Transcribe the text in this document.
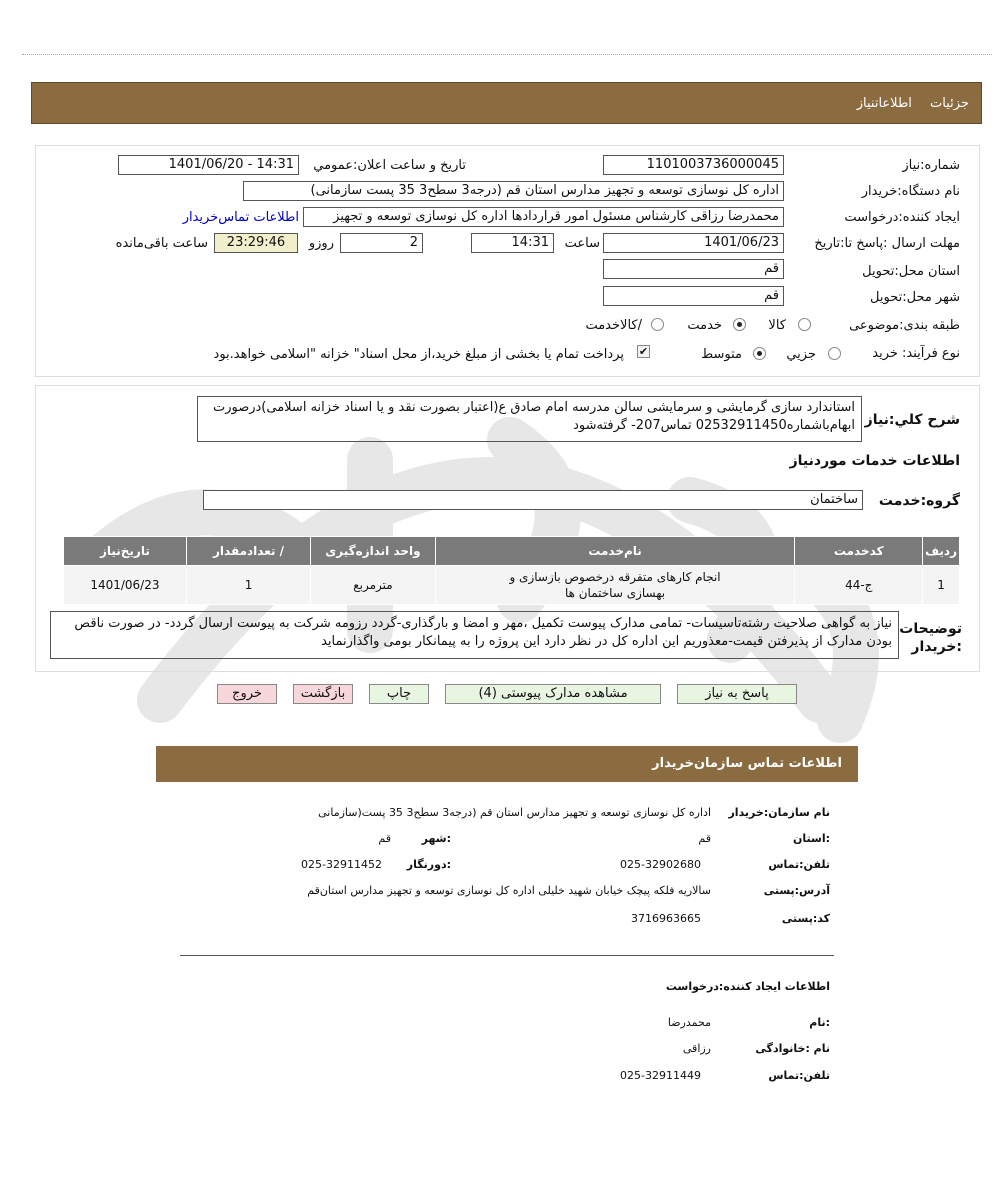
جزئیات اطلاعاتنیاز
شماره:نیاز
1101003736000045
تاریخ و ساعت اعلان:عمومي
1401/06/20 - 14:31
نام دستگاه:خریدار
اداره کل نوسازی توسعه و تجهیز مدارس استان قم (درجه3 سطح3 35 پست سازمانی)
ایجاد کننده:درخواست
محمدرضا رزاقی کارشناس مسئول امور قراردادها اداره کل نوسازی توسعه و تجهیز
اطلاعات تماس‌خریدار
مهلت ارسال :پاسخ تا:تاریخ
1401/06/23
ساعت
14:31
روزو	2
23:29:46
ساعت باقی‌مانده
استان محل:تحویل
قم
شهر محل:تحویل
قم
طبقه بندی:موضوعی
کالا
خدمت
/کالاخدمت
نوع فرآیند: خرید
جزيي
متوسط
✔
پرداخت تمام یا بخشی از مبلغ خرید،از محل اسناد" خزانه "اسلامی خواهد.بود
شرح کلي:نیاز
استاندارد سازی گرمایشی و سرمایشی سالن مدرسه امام صادق ع(اعتبار بصورت نقد و یا اسناد خزانه اسلامی)درصورت ابهام‌باشماره02532911450 تماس207- گرفته‌شود
اطلاعات خدمات موردنیاز
گروه:خدمت
ساختمان
ردیف	کدخدمت	نام‌خدمت	واحد اندازه‌گیری	/ تعدادمقدار	تاریخ‌نیاز
1	ج-44	انجام کارهای متفرقه درخصوص بازسازی و بهسازی ساختمان ها	مترمربع	1	1401/06/23
توضیحات :خریدار
نیاز به گواهی صلاحیت رشته‌تاسیسات- تمامی مدارک پیوست تکمیل ،مهر و امضا و بارگذاری-گردد رزومه شرکت به پیوست ارسال گردد- در صورت ناقص بودن مدارک از پذیرفتن قیمت-معذوریم این اداره کل در نظر دارد این پروژه را به پیمانکار بومی واگذارنماید
پاسخ به نیاز
مشاهده مدارک پیوستی (4)
چاپ
بازگشت
خروج
اطلاعات تماس سازمان‌خریدار
نام سازمان:خریدار
اداره کل نوسازی توسعه و تجهیز مدارس استان قم (درجه3 سطح3 35 پست(سازمانی
:استان
قم
:شهر
قم
تلفن:تماس
025-32902680
:دورنگار
025-32911452
آدرس:پستی
سالاریه فلکه پیچک خیابان شهید خلیلی اداره کل نوسازی توسعه و تجهیز مدارس استان‌قم
کد:پستی
3716963665
اطلاعات ایجاد کننده:درخواست
:نام
محمدرضا
نام :خانوادگی
رزاقی
تلفن:تماس
025-32911449
